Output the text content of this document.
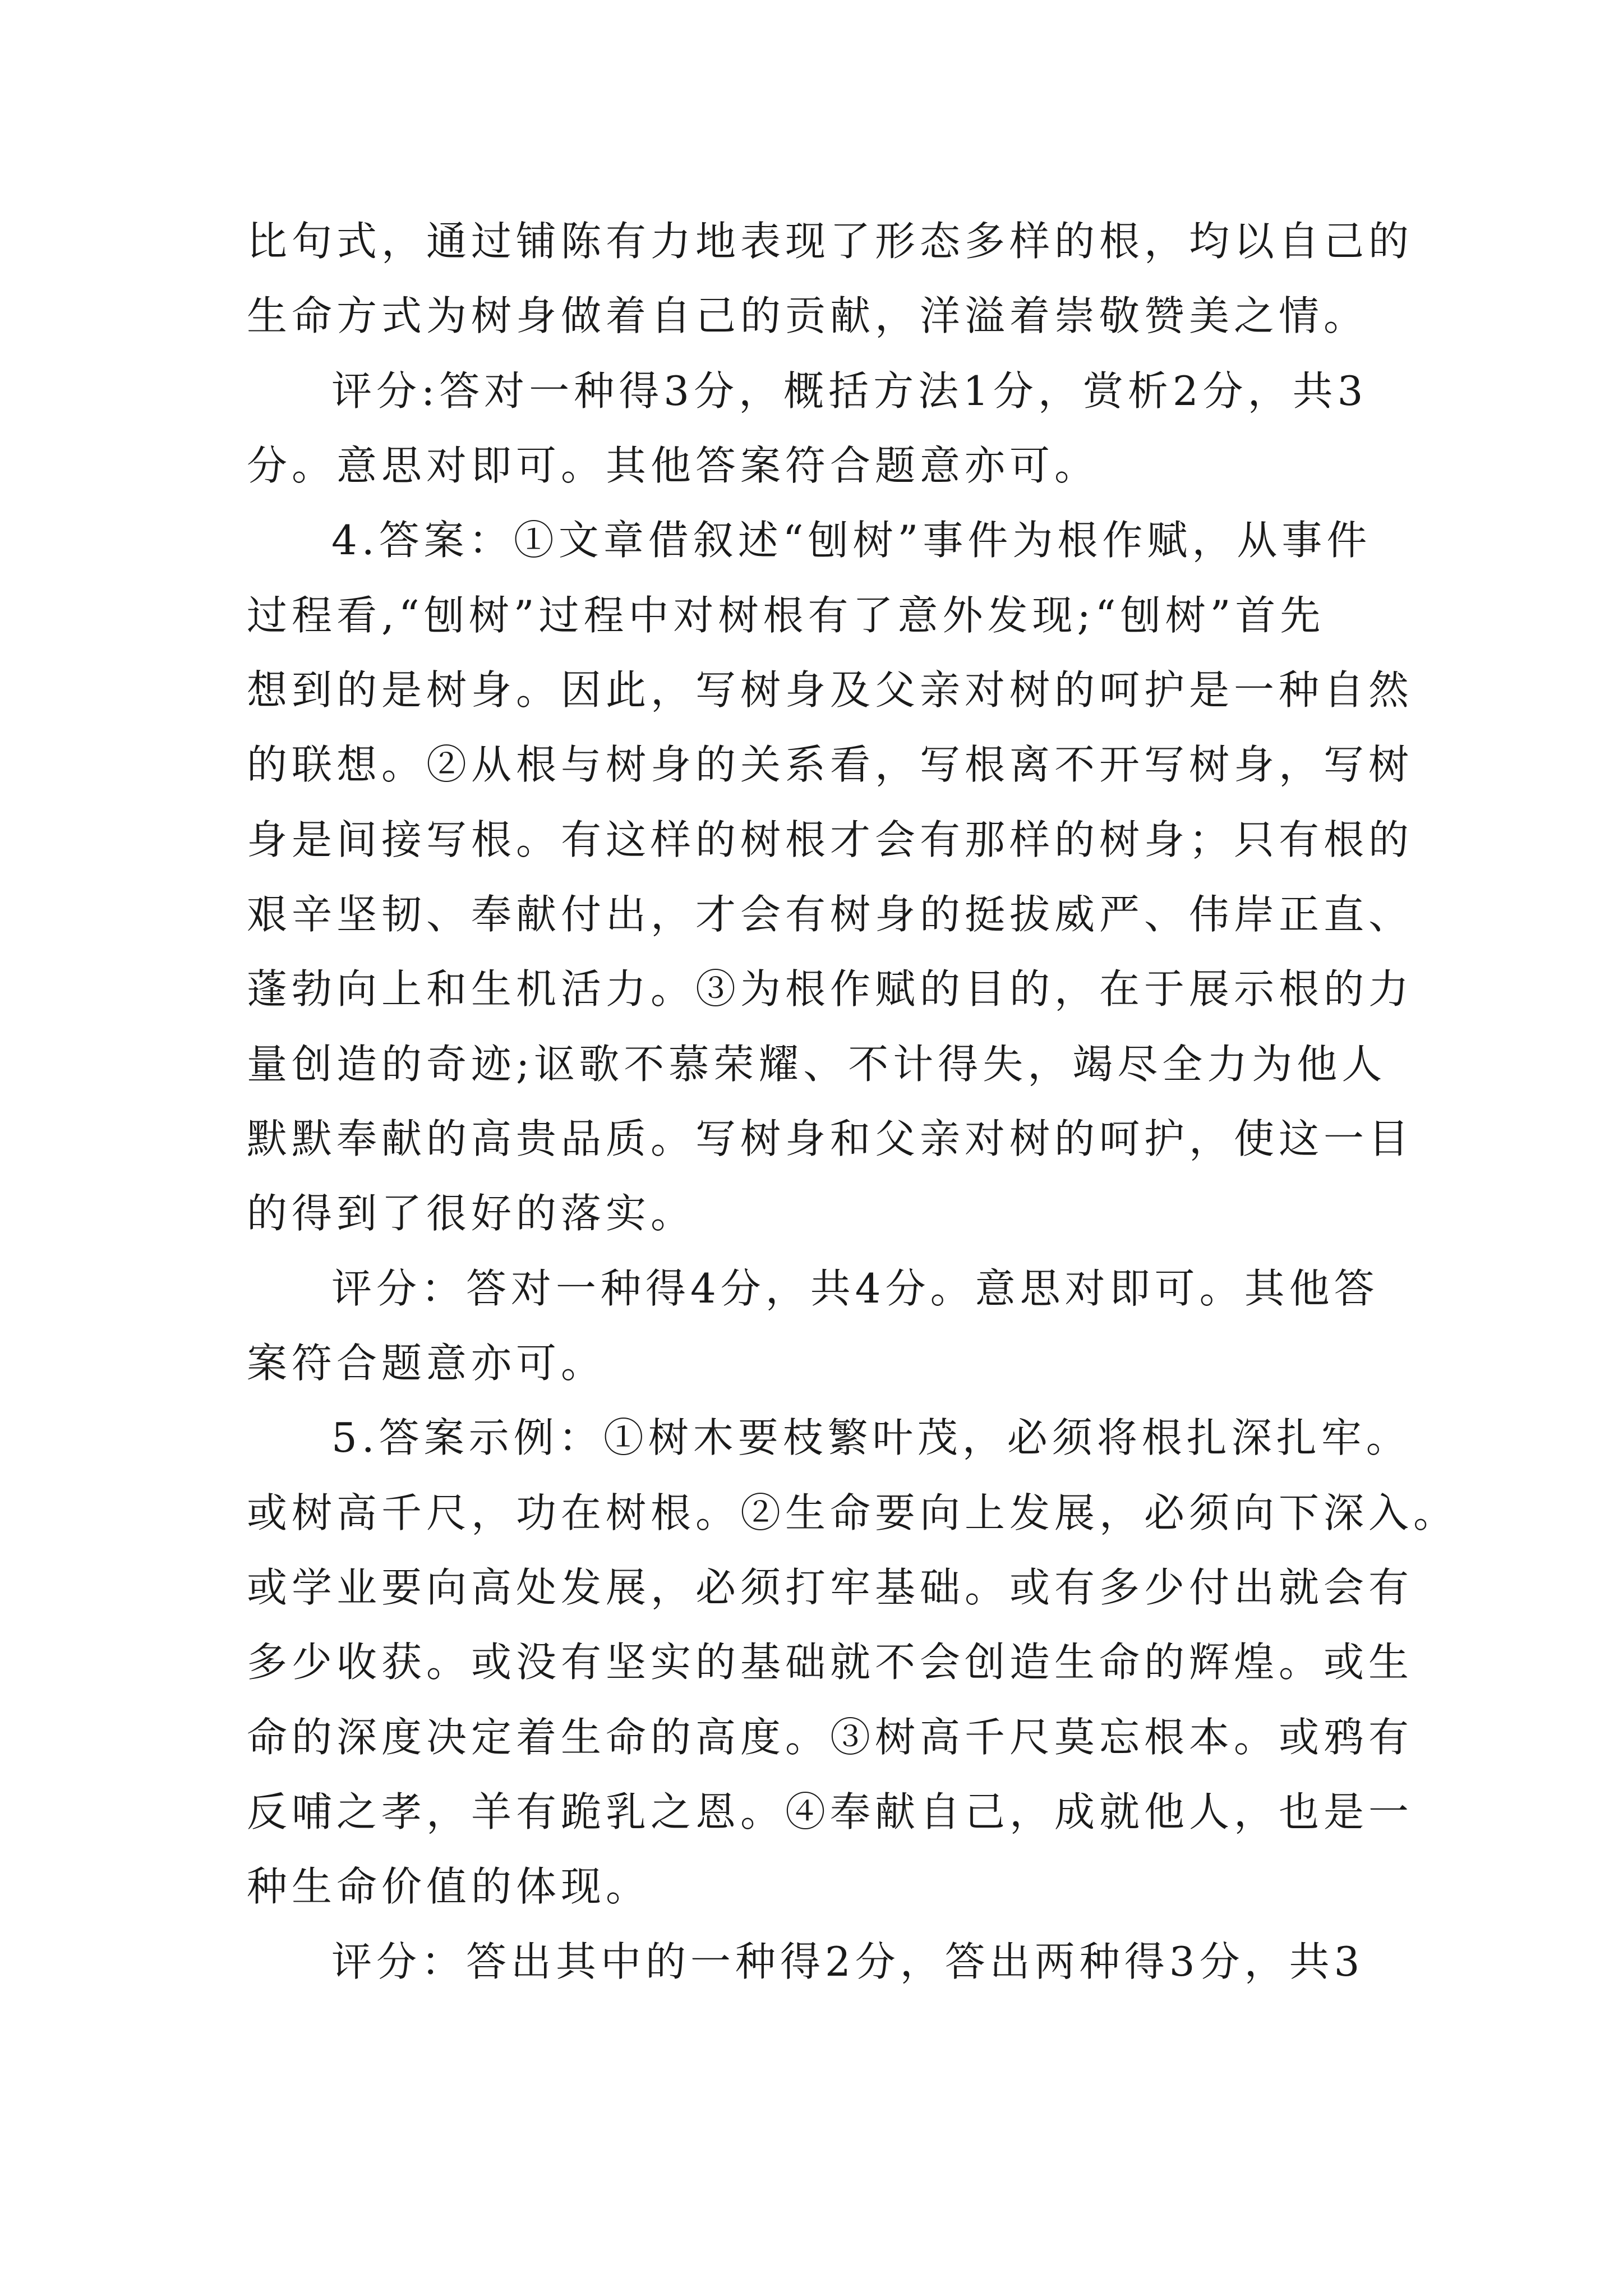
比句式，通过铺陈有力地表现了形态多样的根，均以自己的
生命方式为树身做着自己的贡献，洋溢着崇敬赞美之情。
评分:答对一种得3分，概括方法1分，赏析2分，共3
分。意思对即可。其他答案符合题意亦可。
4.答案：①文章借叙述“刨树”事件为根作赋，从事件
过程看,“刨树”过程中对树根有了意外发现;“刨树”首先
想到的是树身。因此，写树身及父亲对树的呵护是一种自然
的联想。②从根与树身的关系看，写根离不开写树身，写树
身是间接写根。有这样的树根才会有那样的树身；只有根的
艰辛坚韧、奉献付出，才会有树身的挺拔威严、伟岸正直、
蓬勃向上和生机活力。③为根作赋的目的，在于展示根的力
量创造的奇迹;讴歌不慕荣耀、不计得失，竭尽全力为他人
默默奉献的高贵品质。写树身和父亲对树的呵护，使这一目
的得到了很好的落实。
评分：答对一种得4分，共4分。意思对即可。其他答
案符合题意亦可。
5.答案示例：①树木要枝繁叶茂，必须将根扎深扎牢。
或树高千尺，功在树根。②生命要向上发展，必须向下深入。
或学业要向高处发展，必须打牢基础。或有多少付出就会有
多少收获。或没有坚实的基础就不会创造生命的辉煌。或生
命的深度决定着生命的高度。③树高千尺莫忘根本。或鸦有
反哺之孝，羊有跪乳之恩。④奉献自己，成就他人，也是一
种生命价值的体现。
评分：答出其中的一种得2分，答出两种得3分，共3
